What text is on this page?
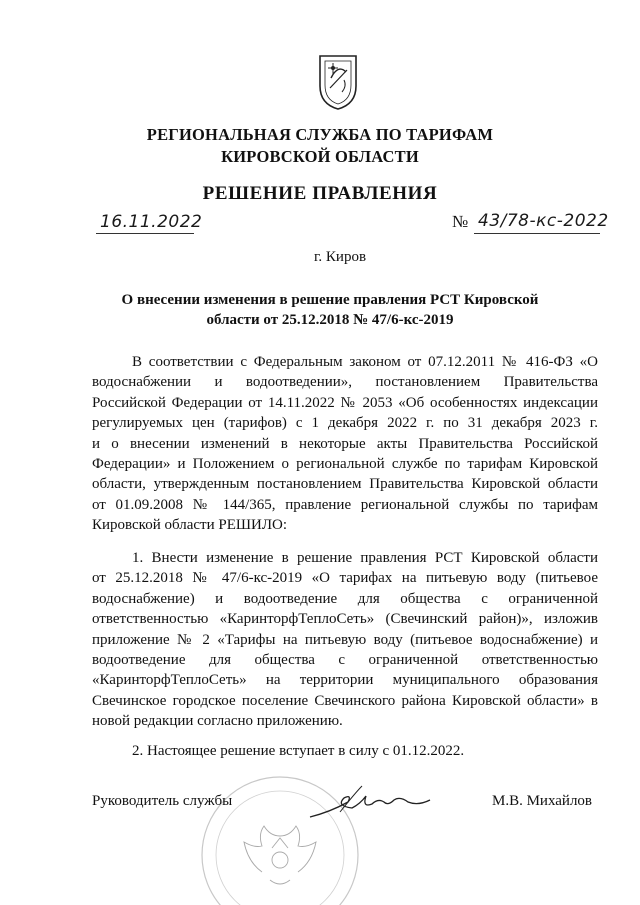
РЕГИОНАЛЬНАЯ СЛУЖБА ПО ТАРИФАМ
КИРОВСКОЙ ОБЛАСТИ
РЕШЕНИЕ ПРАВЛЕНИЯ
16.11.2022	№ 43/78-кс-2022
г. Киров
О внесении изменения в решение правления РСТ Кировской
области от 25.12.2018 № 47/6-кс-2019
В соответствии с Федеральным законом от 07.12.2011 № 416-ФЗ «О
водоснабжении и водоотведении», постановлением Правительства
Российской Федерации от 14.11.2022 № 2053 «Об особенностях индексации
регулируемых цен (тарифов) с 1 декабря 2022 г. по 31 декабря 2023 г.
и о внесении изменений в некоторые акты Правительства Российской
Федерации» и Положением о региональной службе по тарифам Кировской
области, утвержденным постановлением Правительства Кировской области
от 01.09.2008 № 144/365, правление региональной службы по тарифам
Кировской области РЕШИЛО:
1. Внести изменение в решение правления РСТ Кировской области
от 25.12.2018 № 47/6-кс-2019 «О тарифах на питьевую воду (питьевое
водоснабжение) и водоотведение для общества с ограниченной
ответственностью «КаринторфТеплоСеть» (Свечинский район)», изложив
приложение № 2 «Тарифы на питьевую воду (питьевое водоснабжение) и
водоотведение для общества с ограниченной ответственностью
«КаринторфТеплоСеть» на территории муниципального образования
Свечинское городское поселение Свечинского района Кировской области» в
новой редакции согласно приложению.
2. Настоящее решение вступает в силу с 01.12.2022.
Руководитель службы	М.В. Михайлов
